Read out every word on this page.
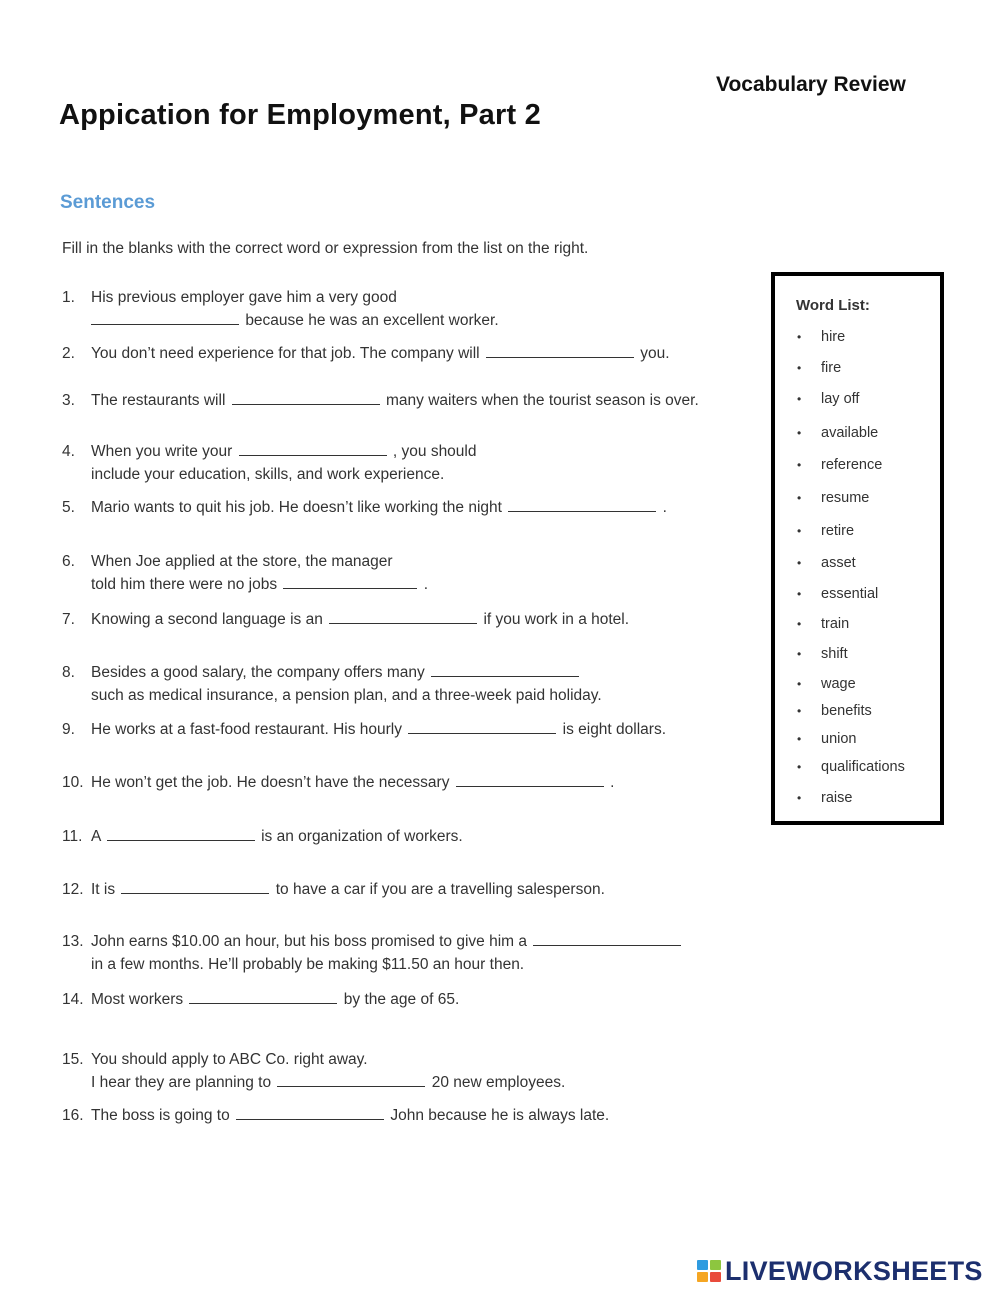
Vocabulary Review
Appication for Employment, Part 2
Sentences
Fill in the blanks with the correct word or expression from the list on the right.
1. His previous employer gave him a very good
because he was an excellent worker.
2. You don’t need experience for that job. The company will	you.
3. The restaurants will	many waiters when the tourist season is over.
4. When you write your	, you should
include your education, skills, and work experience.
5. Mario wants to quit his job. He doesn’t like working the night	.
6. When Joe applied at the store, the manager
told him there were no jobs	.
7. Knowing a second language is an	if you work in a hotel.
8. Besides a good salary, the company offers many
such as medical insurance, a pension plan, and a three-week paid holiday.
9. He works at a fast-food restaurant. His hourly	is eight dollars.
10. He won’t get the job. He doesn’t have the necessary	.
11. A	is an organization of workers.
12. It is	to have a car if you are a travelling salesperson.
13. John earns $10.00 an hour, but his boss promised to give him a
in a few months. He’ll probably be making $11.50 an hour then.
14. Most workers	by the age of 65.
15. You should apply to ABC Co. right away.
I hear they are planning to	20 new employees.
16. The boss is going to	John because he is always late.
Word List:
• hire
• fire
• lay off
• available
• reference
• resume
• retire
• asset
• essential
• train
• shift
• wage
• benefits
• union
• qualifications
• raise
LIVEWORKSHEETS
